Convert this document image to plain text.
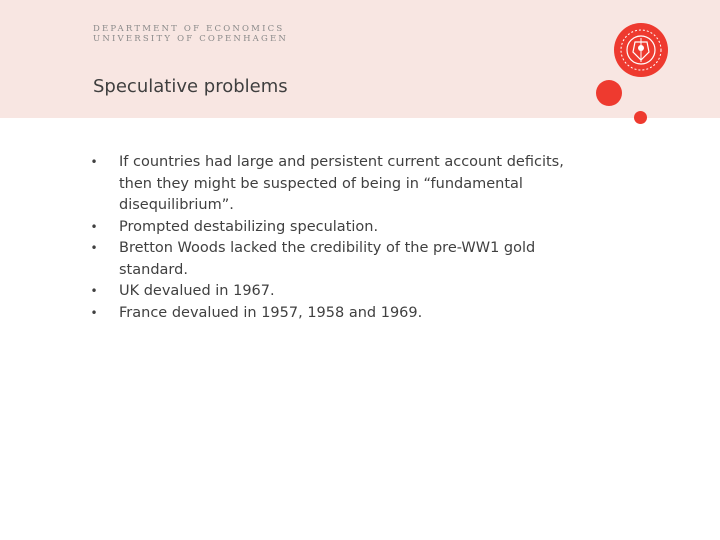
DEPARTMENT OF ECONOMICS
UNIVERSITY OF COPENHAGEN
Speculative problems
• If countries had large and persistent current account deficits, then they might be suspected of being in “fundamental disequilibrium”.
• Prompted destabilizing speculation.
• Bretton Woods lacked the credibility of the pre-WW1 gold standard.
• UK devalued in 1967.
• France devalued in 1957, 1958 and 1969.
